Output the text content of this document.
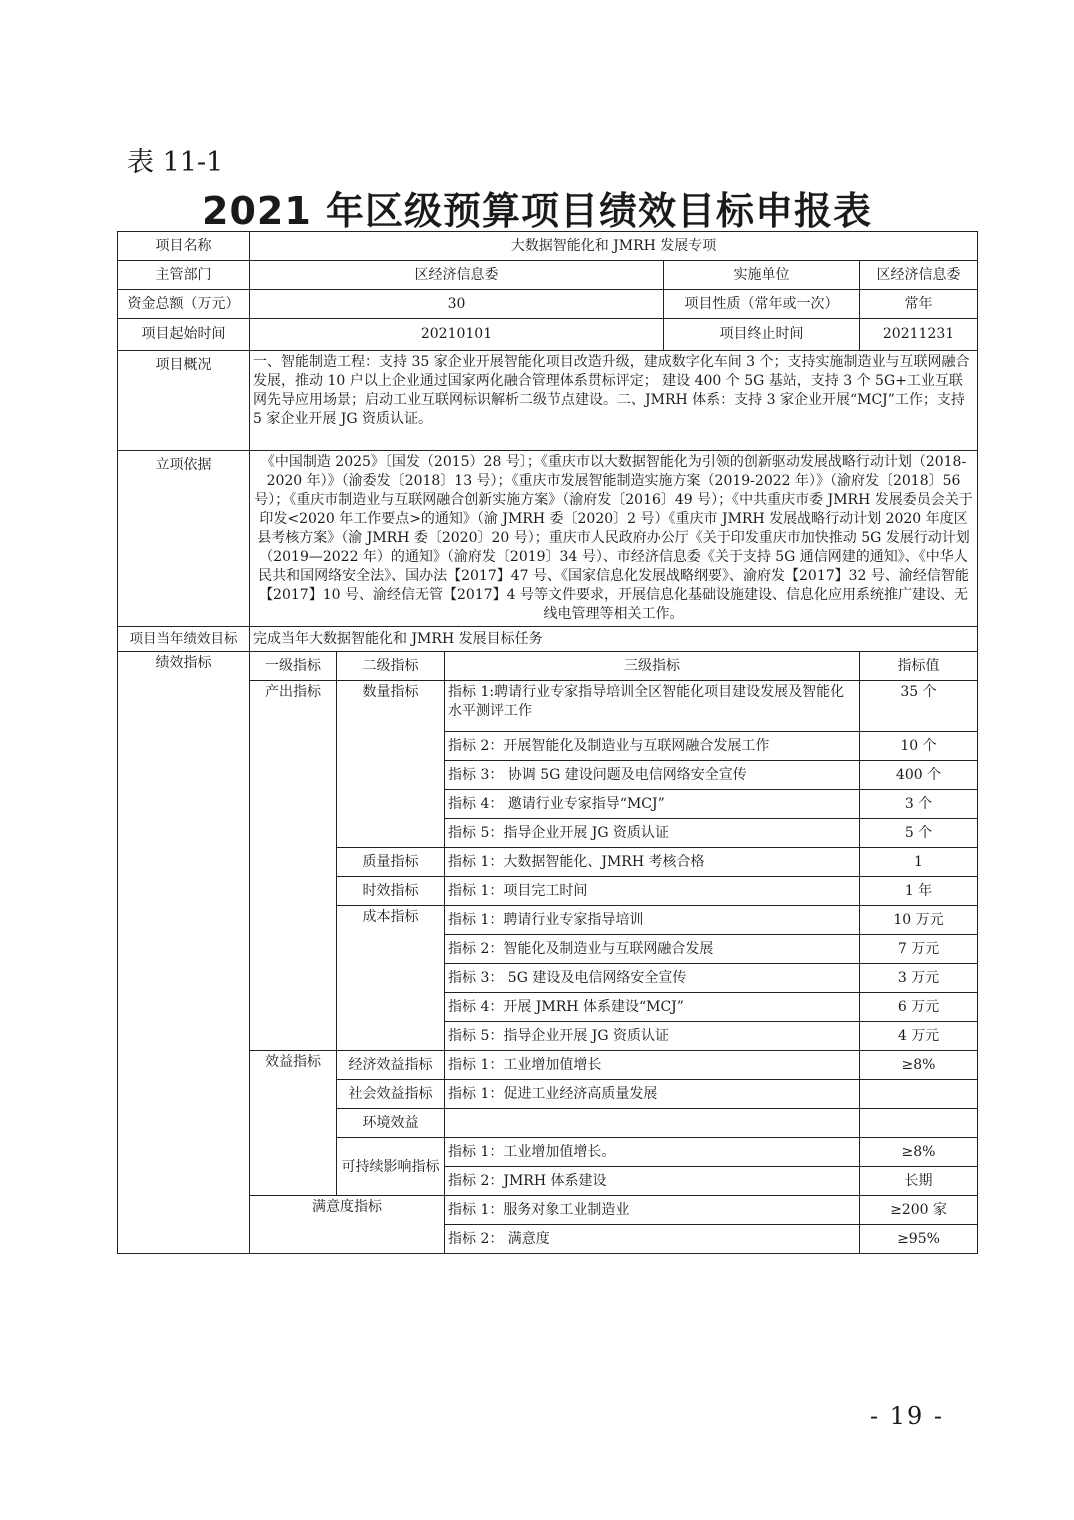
表 11-1
2021 年区级预算项目绩效目标申报表
项目名称	大数据智能化和 JMRH 发展专项				
主管部门	区经济信息委			实施单位	区经济信息委
资金总额（万元）	30			项目性质（常年或一次）	常年
项目起始时间	20210101			项目终止时间	20211231
项目概况	一、智能制造工程：支持 35 家企业开展智能化项目改造升级，建成数字化车间 3 个；支持实施制造业与互联网融合发展，推动 10 户以上企业通过国家两化融合管理体系贯标评定； 建设 400 个 5G 基站，支持 3 个 5G+工业互联网先导应用场景；启动工业互联网标识解析二级节点建设。二、JMRH 体系：支持 3 家企业开展“MCJ”工作；支持 5 家企业开展 JG 资质认证。				
立项依据	《中国制造 2025》〔国发（2015）28 号〕；《重庆市以大数据智能化为引领的创新驱动发展战略行动计划（2018-2020 年）》（渝委发〔2018〕13 号）；《重庆市发展智能制造实施方案（2019-2022 年）》（渝府发〔2018〕56 号）；《重庆市制造业与互联网融合创新实施方案》（渝府发〔2016〕49 号）；《中共重庆市委 JMRH 发展委员会关于印发<2020 年工作要点>的通知》（渝 JMRH 委〔2020〕2 号）《重庆市 JMRH 发展战略行动计划 2020 年度区县考核方案》（渝 JMRH 委〔2020〕20 号）；重庆市人民政府办公厅《关于印发重庆市加快推动 5G 发展行动计划（2019—2022 年）的通知》（渝府发〔2019〕34 号）、市经济信息委《关于支持 5G 通信网建的通知》、《中华人民共和国网络安全法》、国办法【2017】47 号、《国家信息化发展战略纲要》、渝府发【2017】32 号、渝经信智能【2017】10 号、渝经信无管【2017】4 号等文件要求，开展信息化基础设施建设、信息化应用系统推广建设、无线电管理等相关工作。				
项目当年绩效目标	完成当年大数据智能化和 JMRH 发展目标任务				
绩效指标	一级指标	二级指标	三级指标		指标值
	产出指标	数量指标	指标 1:聘请行业专家指导培训全区智能化项目建设发展及智能化水平测评工作		35 个
			指标 2：开展智能化及制造业与互联网融合发展工作		10 个
			指标 3： 协调 5G 建设问题及电信网络安全宣传		400 个
			指标 4： 邀请行业专家指导“MCJ”		3 个
			指标 5：指导企业开展 JG 资质认证		5 个
		质量指标	指标 1：大数据智能化、JMRH 考核合格		1
		时效指标	指标 1：项目完工时间		1 年
		成本指标	指标 1：聘请行业专家指导培训		10 万元
			指标 2：智能化及制造业与互联网融合发展		7 万元
			指标 3： 5G 建设及电信网络安全宣传		3 万元
			指标 4：开展 JMRH 体系建设“MCJ”		6 万元
			指标 5：指导企业开展 JG 资质认证		4 万元
	效益指标	经济效益指标	指标 1：工业增加值增长		≥8%
		社会效益指标	指标 1：促进工业经济高质量发展		
		环境效益			
		可持续影响指标	指标 1：工业增加值增长。		≥8%
			指标 2：JMRH 体系建设		长期
	满意度指标		指标 1：服务对象工业制造业		≥200 家
			指标 2： 满意度		≥95%
- 19 -
